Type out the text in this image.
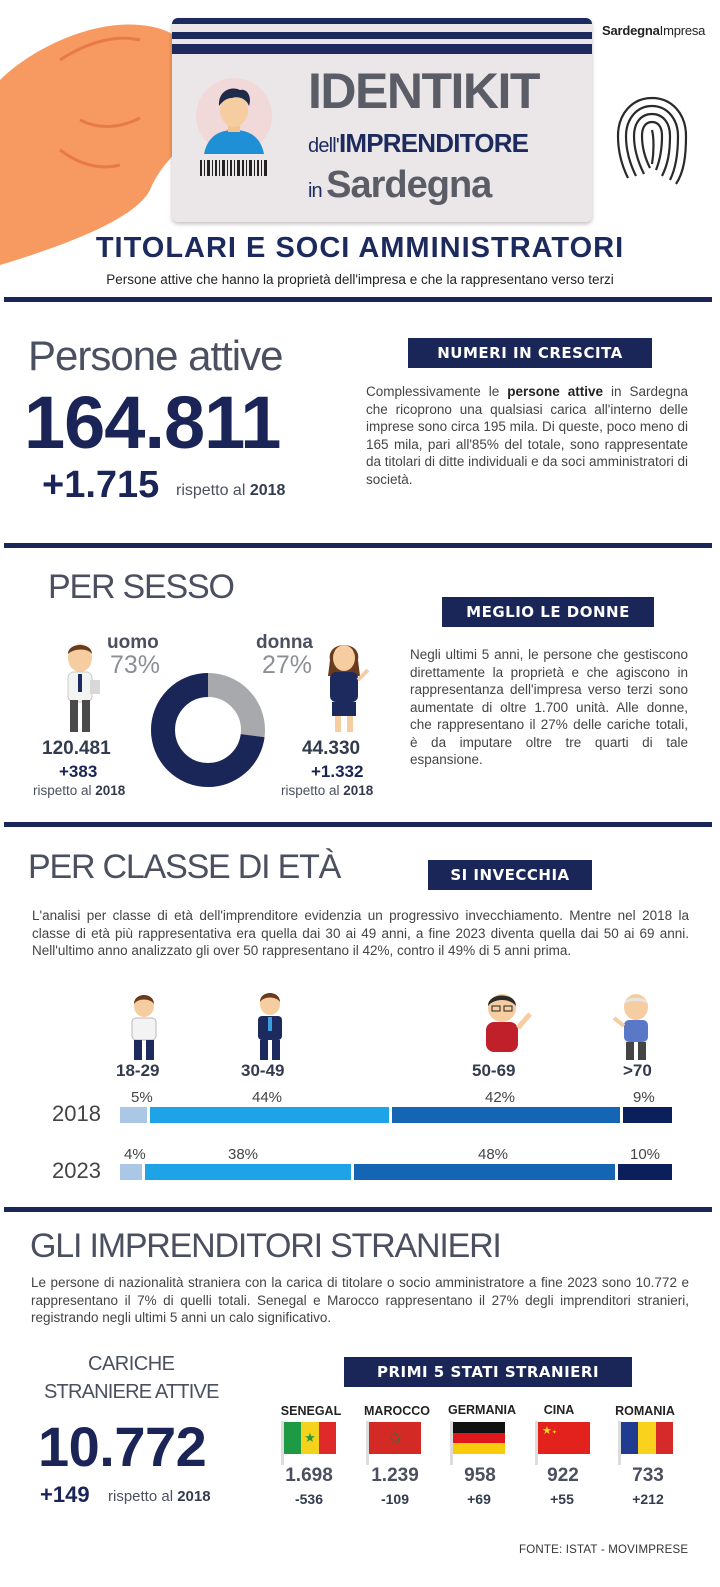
SardegnaImpresa
IDENTIKIT
dell'IMPRENDITORE
in Sardegna
TITOLARI E SOCI AMMINISTRATORI
Persone attive che hanno la proprietà dell'impresa e che la rappresentano verso terzi
Persone attive
164.811
+1.715 rispetto al 2018
NUMERI IN CRESCITA
Complessivamente le persone attive in Sardegna che ricoprono una qualsiasi carica all'interno delle imprese sono circa 195 mila. Di queste, poco meno di 165 mila, pari all'85% del totale, sono rappresentate da titolari di ditte individuali e da soci amministratori di società.
PER SESSO
uomo
73%
donna
27%
120.481
+383
rispetto al 2018
44.330
+1.332
rispetto al 2018
MEGLIO LE DONNE
Negli ultimi 5 anni, le persone che gestiscono direttamente la proprietà e che agiscono in rappresentanza dell'impresa verso terzi sono aumentate di oltre 1.700 unità. Alle donne, che rappresentano il 27% delle cariche totali, è da imputare oltre tre quarti di tale espansione.
PER CLASSE DI ETÀ	SI INVECCHIA
L'analisi per classe di età dell'imprenditore evidenzia un progressivo invecchiamento. Mentre nel 2018 la classe di età più rappresentativa era quella dai 30 ai 49 anni, a fine 2023 diventa quella dai 50 ai 69 anni. Nell'ultimo anno analizzato gli over 50 rappresentano il 42%, contro il 49% di 5 anni prima.
18-29	30-49	50-69	>70
2018
5%	44%	42%	9%
2023
4%	38%	48%	10%
GLI IMPRENDITORI STRANIERI
Le persone di nazionalità straniera con la carica di titolare o socio amministratore a fine 2023 sono 10.772 e rappresentano il 7% di quelli totali. Senegal e Marocco rappresentano il 27% degli imprenditori stranieri, registrando negli ultimi 5 anni un calo significativo.
CARICHE
STRANIERE ATTIVE
10.772
+149 rispetto al 2018
PRIMI 5 STATI STRANIERI
SENEGAL	MAROCCO	GERMANIA	CINA	ROMANIA
★	✩	★✦
1.698	1.239	958	922	733
-536	-109	+69	+55	+212
FONTE: ISTAT - MOVIMPRESE
